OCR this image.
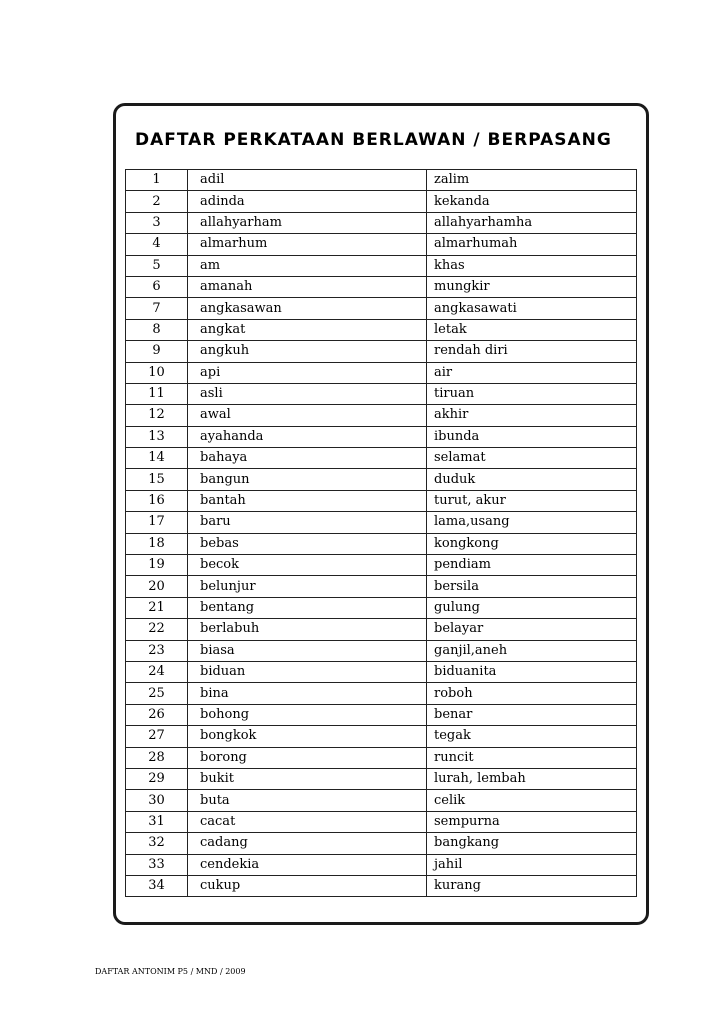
DAFTAR PERKATAAN BERLAWAN / BERPASANG
1	adil	zalim
2	adinda	kekanda
3	allahyarham	allahyarhamha
4	almarhum	almarhumah
5	am	khas
6	amanah	mungkir
7	angkasawan	angkasawati
8	angkat	letak
9	angkuh	rendah diri
10	api	air
11	asli	tiruan
12	awal	akhir
13	ayahanda	ibunda
14	bahaya	selamat
15	bangun	duduk
16	bantah	turut, akur
17	baru	lama,usang
18	bebas	kongkong
19	becok	pendiam
20	belunjur	bersila
21	bentang	gulung
22	berlabuh	belayar
23	biasa	ganjil,aneh
24	biduan	biduanita
25	bina	roboh
26	bohong	benar
27	bongkok	tegak
28	borong	runcit
29	bukit	lurah, lembah
30	buta	celik
31	cacat	sempurna
32	cadang	bangkang
33	cendekia	jahil
34	cukup	kurang
DAFTAR ANTONIM P5 / MND / 2009
